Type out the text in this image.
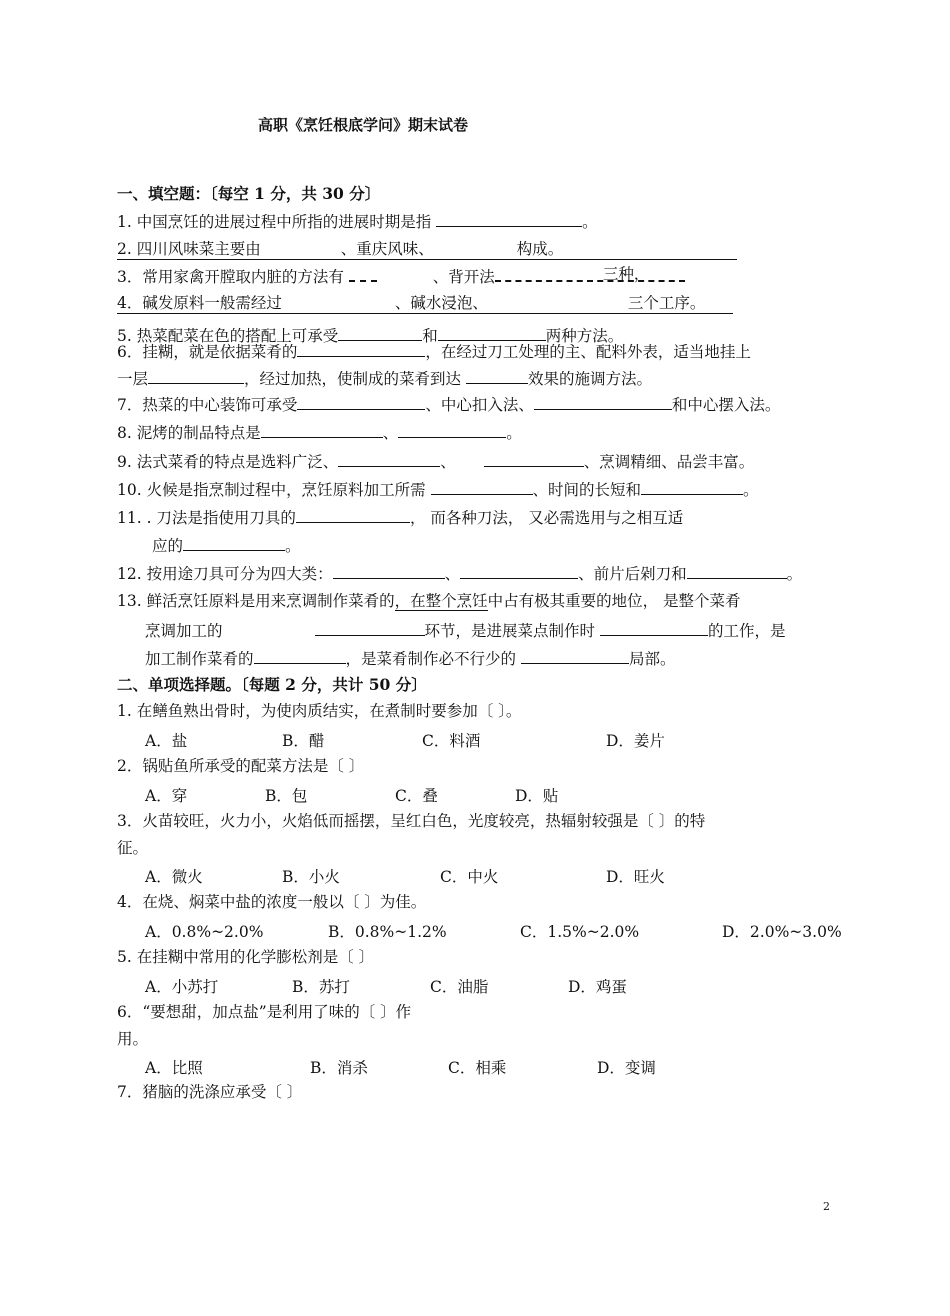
高职《烹饪根底学问》期末试卷
一、填空题：〔每空 1 分，共 30 分〕
1. 中国烹饪的进展过程中所指的进展时期是指	。
2. 四川风味菜主要由	、重庆风味、	构成。
3．常用家禽开膛取内脏的方法有	、背开法	三种，
4．碱发原料一般需经过	、碱水浸泡、	三个工序。
5. 热菜配菜在色的搭配上可承受	和	两种方法。
6．挂糊，就是依据菜肴的	，在经过刀工处理的主、配料外表，适当地挂上
一层	，经过加热，使制成的菜肴到达	效果的施调方法。
7．热菜的中心装饰可承受	、中心扣入法、	和中心摆入法。
8. 泥烤的制品特点是	、	。
9. 法式菜肴的特点是选料广泛、	、	、烹调精细、品尝丰富。
10. 火候是指烹制过程中，烹饪原料加工所需	、时间的长短和	。
11. . 刀法是指使用刀具的	， 而各种刀法， 又必需选用与之相互适
应的	。
12. 按用途刀具可分为四大类：	、	、前片后剁刀和	。
13. 鲜活烹饪原料是用来烹调制作菜肴的，在整个烹饪中占有极其重要的地位， 是整个菜肴
烹调加工的	环节，是进展菜点制作时	的工作，是
加工制作菜肴的	，是菜肴制作必不行少的	局部。
二、单项选择题。〔每题 2 分，共计 50 分〕
1. 在鳝鱼熟出骨时，为使肉质结实，在煮制时要参加〔 〕。
A．盐	B．醋	C．料酒	D．姜片
2．锅贴鱼所承受的配菜方法是〔 〕
A．穿	B．包	C．叠	D．贴
3．火苗较旺，火力小，火焰低而摇摆，呈红白色，光度较亮，热辐射较强是〔 〕的特
征。
A．微火	B．小火	C．中火	D．旺火
4．在烧、焖菜中盐的浓度一般以〔 〕为佳。
A．0.8%~2.0%	B．0.8%~1.2%	C．1.5%~2.0%	D．2.0%~3.0%
5. 在挂糊中常用的化学膨松剂是〔 〕
A．小苏打	B．苏打	C．油脂	D．鸡蛋
6．“要想甜，加点盐”是利用了味的〔 〕作
用。
A．比照	B．消杀	C．相乘	D．变调
7．猪脑的洗涤应承受〔 〕
2
